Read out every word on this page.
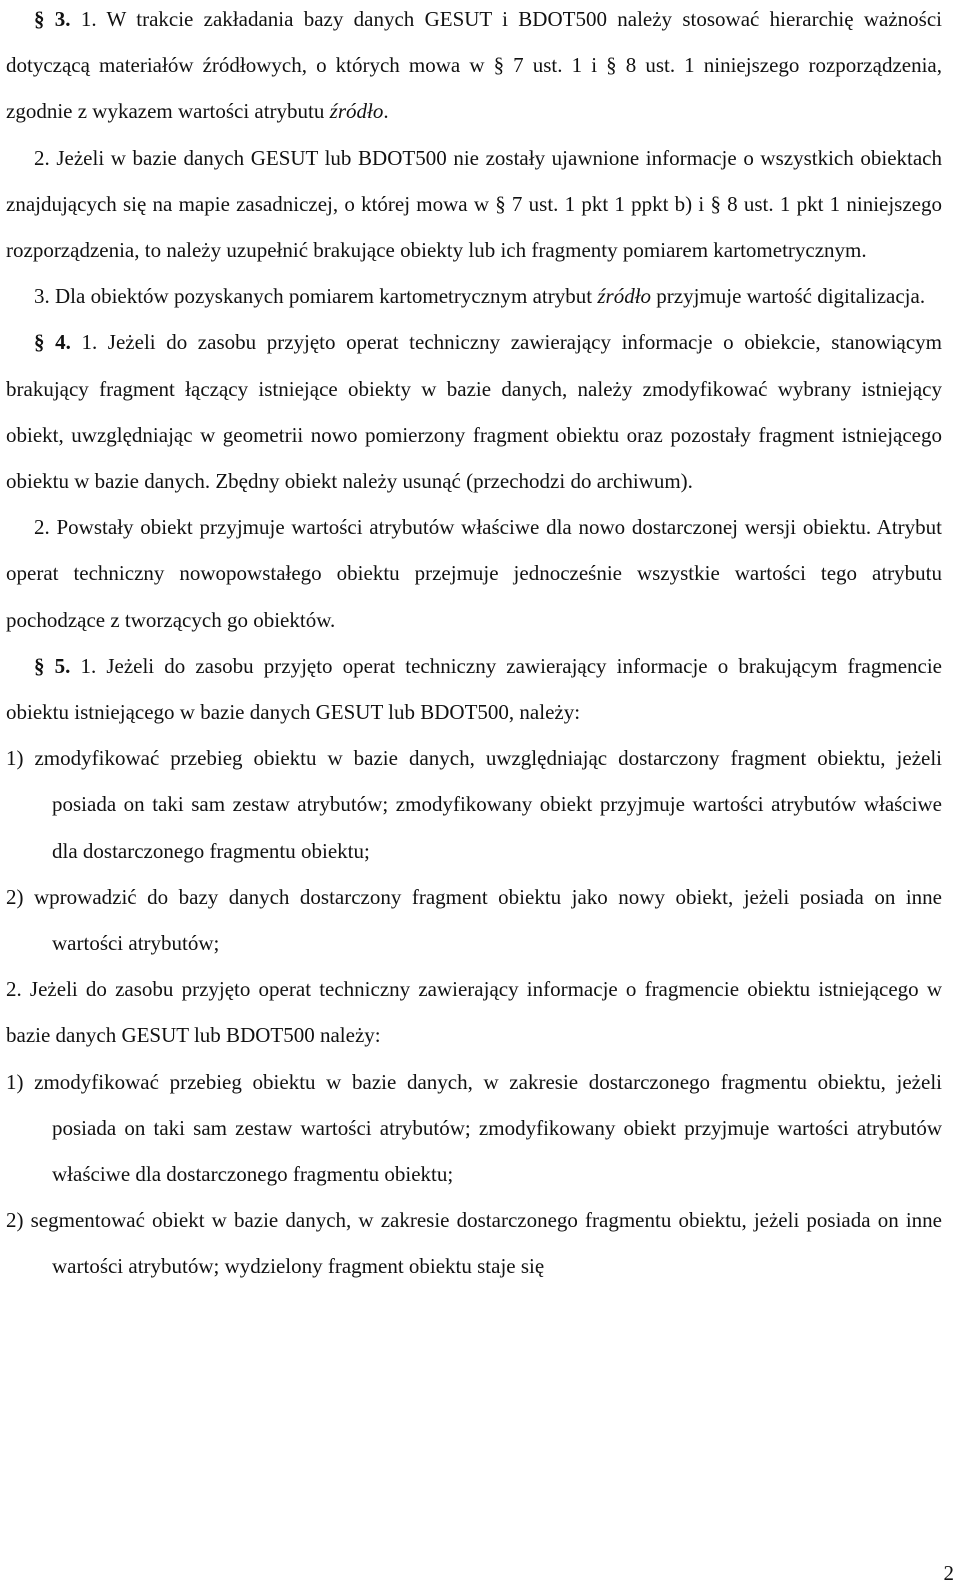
§ 3. 1. W trakcie zakładania bazy danych GESUT i BDOT500 należy stosować hierarchię ważności dotyczącą materiałów źródłowych, o których mowa w § 7 ust. 1 i § 8 ust. 1 niniejszego rozporządzenia, zgodnie z wykazem wartości atrybutu źródło.

2. Jeżeli w bazie danych GESUT lub BDOT500 nie zostały ujawnione informacje o wszystkich obiektach znajdujących się na mapie zasadniczej, o której mowa w § 7 ust. 1 pkt 1 ppkt b) i § 8 ust. 1 pkt 1 niniejszego rozporządzenia, to należy uzupełnić brakujące obiekty lub ich fragmenty pomiarem kartometrycznym.

3. Dla obiektów pozyskanych pomiarem kartometrycznym atrybut źródło przyjmuje wartość digitalizacja.

§ 4. 1. Jeżeli do zasobu przyjęto operat techniczny zawierający informacje o obiekcie, stanowiącym brakujący fragment łączący istniejące obiekty w bazie danych, należy zmodyfikować wybrany istniejący obiekt, uwzględniając w geometrii nowo pomierzony fragment obiektu oraz pozostały fragment istniejącego obiektu w bazie danych. Zbędny obiekt należy usunąć (przechodzi do archiwum).

2. Powstały obiekt przyjmuje wartości atrybutów właściwe dla nowo dostarczonej wersji obiektu. Atrybut operat techniczny nowopowstałego obiektu przejmuje jednocześnie wszystkie wartości tego atrybutu pochodzące z tworzących go obiektów.

§ 5. 1. Jeżeli do zasobu przyjęto operat techniczny zawierający informacje o brakującym fragmencie obiektu istniejącego w bazie danych GESUT lub BDOT500, należy:

1) zmodyfikować przebieg obiektu w bazie danych, uwzględniając dostarczony fragment obiektu, jeżeli posiada on taki sam zestaw atrybutów; zmodyfikowany obiekt przyjmuje wartości atrybutów właściwe dla dostarczonego fragmentu obiektu;

2) wprowadzić do bazy danych dostarczony fragment obiektu jako nowy obiekt, jeżeli posiada on inne wartości atrybutów;

2. Jeżeli do zasobu przyjęto operat techniczny zawierający informacje o fragmencie obiektu istniejącego w bazie danych GESUT lub BDOT500 należy:

1) zmodyfikować przebieg obiektu w bazie danych, w zakresie dostarczonego fragmentu obiektu, jeżeli posiada on taki sam zestaw wartości atrybutów; zmodyfikowany obiekt przyjmuje wartości atrybutów właściwe dla dostarczonego fragmentu obiektu;

2) segmentować obiekt w bazie danych, w zakresie dostarczonego fragmentu obiektu, jeżeli posiada on inne wartości atrybutów; wydzielony fragment obiektu staje się

2
